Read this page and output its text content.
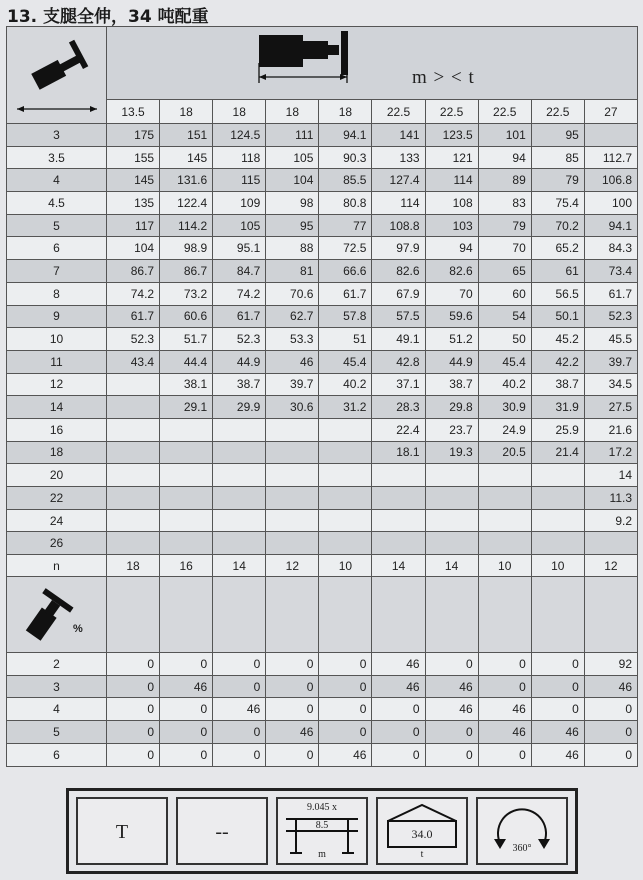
13. 支腿全伸，34 吨配重

m > < t									

	13.5	18	18	18	18	22.5	22.5	22.5	22.5	27
3	175	151	124.5	111	94.1	141	123.5	101	95	
3.5	155	145	118	105	90.3	133	121	94	85	112.7
4	145	131.6	115	104	85.5	127.4	114	89	79	106.8
4.5	135	122.4	109	98	80.8	114	108	83	75.4	100
5	117	114.2	105	95	77	108.8	103	79	70.2	94.1
6	104	98.9	95.1	88	72.5	97.9	94	70	65.2	84.3
7	86.7	86.7	84.7	81	66.6	82.6	82.6	65	61	73.4
8	74.2	73.2	74.2	70.6	61.7	67.9	70	60	56.5	61.7
9	61.7	60.6	61.7	62.7	57.8	57.5	59.6	54	50.1	52.3
10	52.3	51.7	52.3	53.3	51	49.1	51.2	50	45.2	45.5
11	43.4	44.4	44.9	46	45.4	42.8	44.9	45.4	42.2	39.7
12		38.1	38.7	39.7	40.2	37.1	38.7	40.2	38.7	34.5
14		29.1	29.9	30.6	31.2	28.3	29.8	30.9	31.9	27.5
16						22.4	23.7	24.9	25.9	21.6
18						18.1	19.3	20.5	21.4	17.2
20										14
22										11.3
24										9.2
26										
n	18	16	14	12	10	14	14	10	10	12

%										

2	0	0	0	0	0	46	0	0	0	92
3	0	46	0	0	0	46	46	0	0	46
4	0	0	46	0	0	0	46	46	0	0
5	0	0	0	46	0	0	0	46	46	0
6	0	0	0	0	46	0	0	0	46	0
T	--
9.045 x
8.5
m
34.0
t
360°
